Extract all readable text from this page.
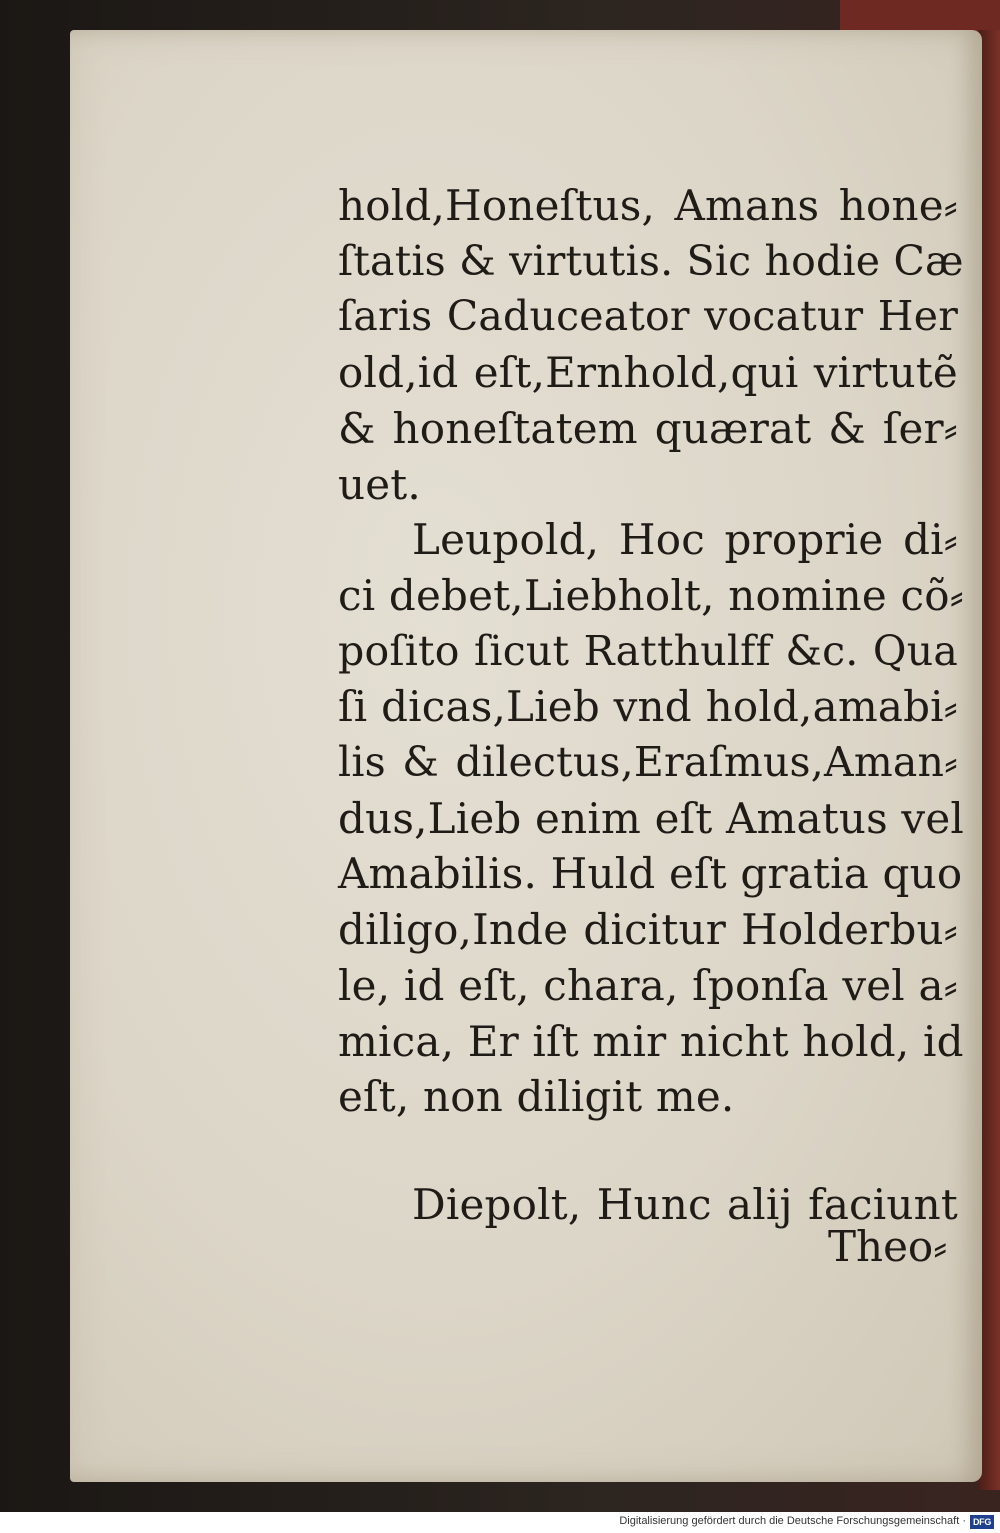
hold,Honeſtus, Amans hone⸗
ſtatis & virtutis. Sic hodie Cæ
ſaris Caduceator vocatur Her
old,id eſt,Ernhold,qui virtutẽ
& honeſtatem quærat & ſer⸗
uet.
Leupold, Hoc proprie di⸗
ci debet,Liebholt, nomine cõ⸗
poſito ſicut Ratthulff &c. Qua
ſi dicas,Lieb vnd hold,amabi⸗
lis & dilectus,Eraſmus,Aman⸗
dus,Lieb enim eſt Amatus vel
Amabilis. Huld eſt gratia quo
diligo,Inde dicitur Holderbu⸗
le, id eſt, chara, ſponſa vel a⸗
mica, Er iſt mir nicht hold, id
eſt, non diligit me.
Diepolt, Hunc alij faciunt
Theo⸗
Digitalisierung gefördert durch die Deutsche Forschungsgemeinschaft · DFG
